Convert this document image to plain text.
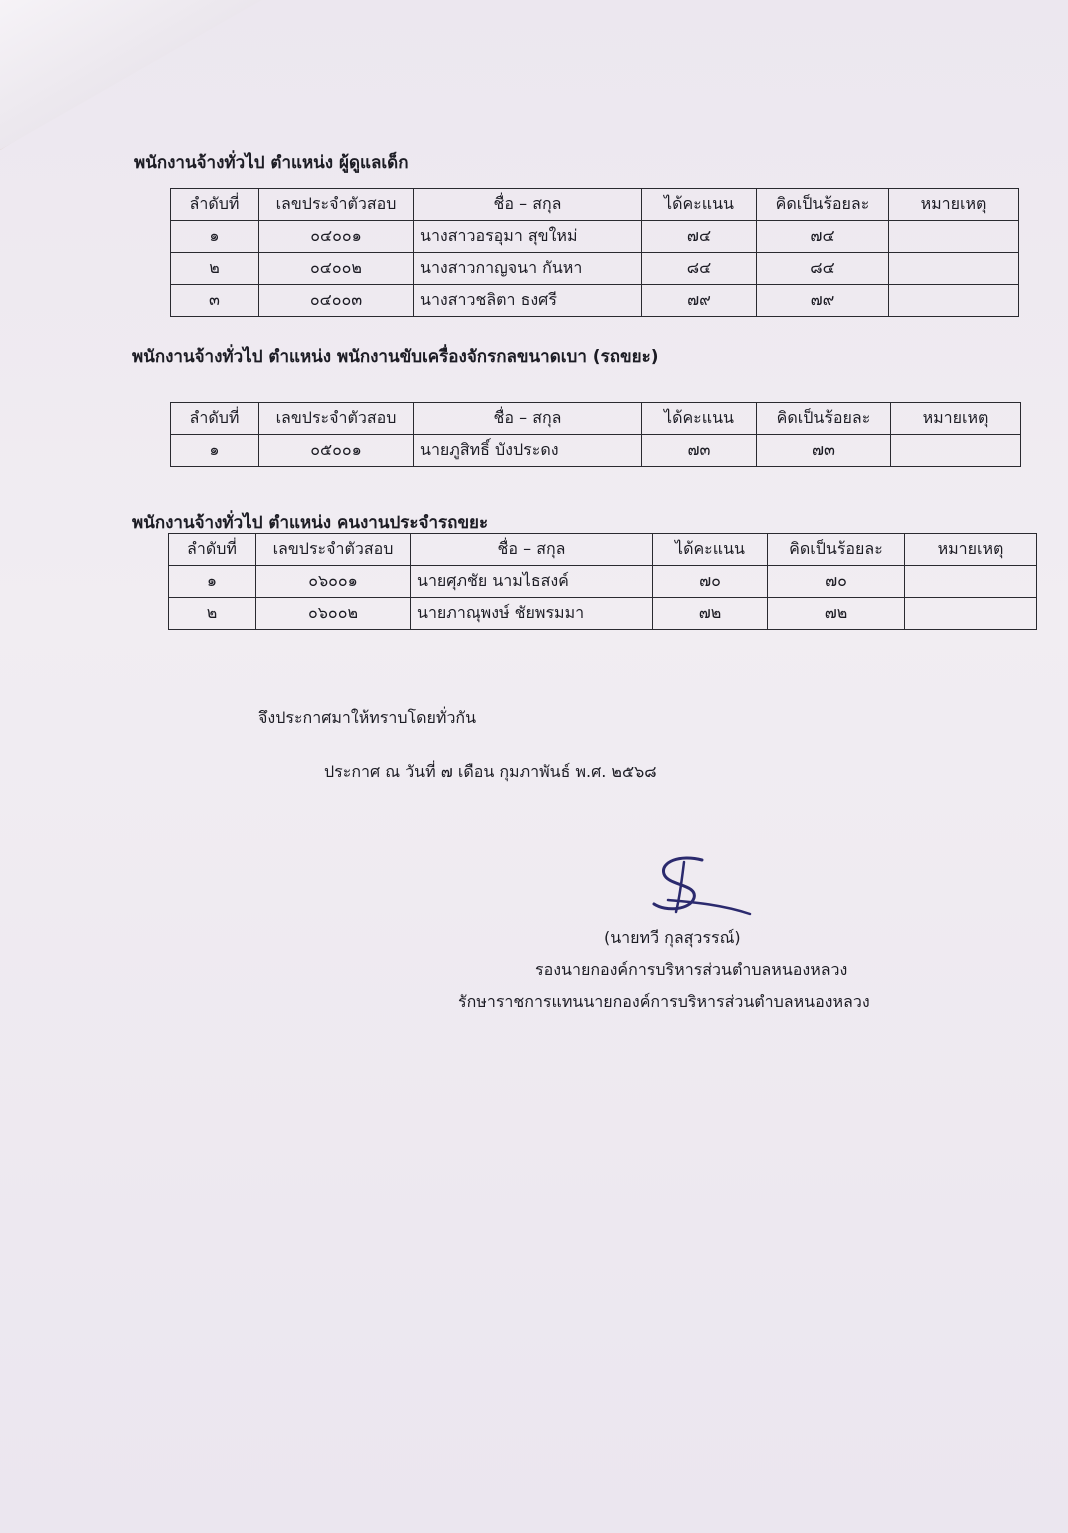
พนักงานจ้างทั่วไป ตำแหน่ง ผู้ดูแลเด็ก
ลำดับที่	เลขประจำตัวสอบ	ชื่อ – สกุล	ได้คะแนน	คิดเป็นร้อยละ	หมายเหตุ
๑	๐๔๐๐๑	นางสาวอรอุมา สุขใหม่	๗๔	๗๔	
๒	๐๔๐๐๒	นางสาวกาญจนา กันหา	๘๔	๘๔	
๓	๐๔๐๐๓	นางสาวชลิตา ธงศรี	๗๙	๗๙	
พนักงานจ้างทั่วไป ตำแหน่ง พนักงานขับเครื่องจักรกลขนาดเบา (รถขยะ)
ลำดับที่	เลขประจำตัวสอบ	ชื่อ – สกุล	ได้คะแนน	คิดเป็นร้อยละ	หมายเหตุ
๑	๐๕๐๐๑	นายภูสิทธิ์ บังประดง	๗๓	๗๓	
พนักงานจ้างทั่วไป ตำแหน่ง คนงานประจำรถขยะ
ลำดับที่	เลขประจำตัวสอบ	ชื่อ – สกุล	ได้คะแนน	คิดเป็นร้อยละ	หมายเหตุ
๑	๐๖๐๐๑	นายศุภชัย นามไธสงค์	๗๐	๗๐	
๒	๐๖๐๐๒	นายภาณุพงษ์ ชัยพรมมา	๗๒	๗๒	
จึงประกาศมาให้ทราบโดยทั่วกัน
ประกาศ ณ วันที่ ๗ เดือน กุมภาพันธ์ พ.ศ. ๒๕๖๘
(นายทวี กุลสุวรรณ์)
รองนายกองค์การบริหารส่วนตำบลหนองหลวง
รักษาราชการแทนนายกองค์การบริหารส่วนตำบลหนองหลวง
